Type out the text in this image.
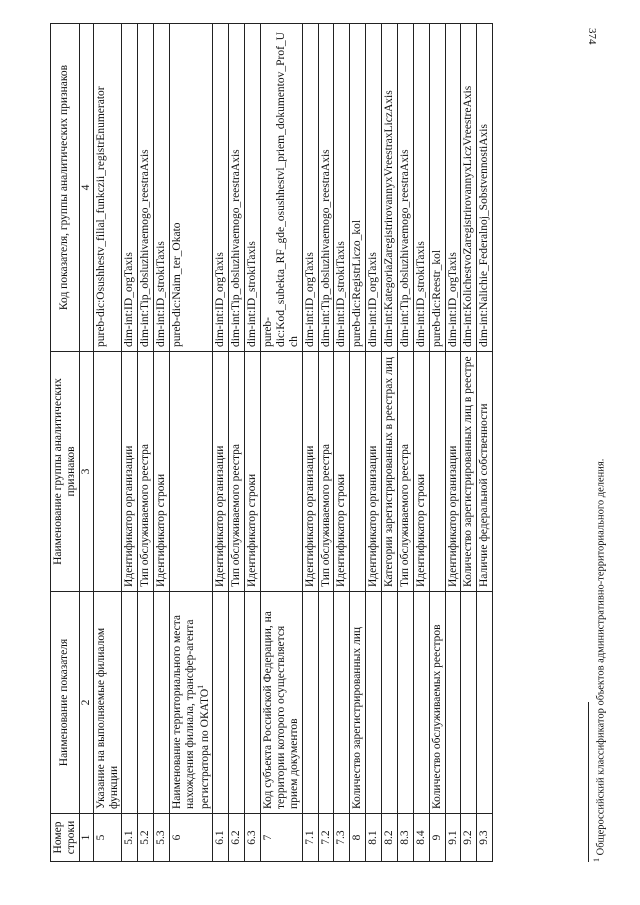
374
Номер строки	Наименование показателя	Наименование группы аналитических признаков	Код показателя, группы аналитических признаков
1	2	3	4
5	Указание на выполняемые филиалом функции		pureb-dic:Osushhestv_filial_funkczii_registrEnumerator
5.1		Идентификатор организации	dim-int:ID_orgTaxis
5.2		Тип обслуживаемого реестра	dim-int:Tip_obsluzhivaemogo_reestraAxis
5.3		Идентификатор строки	dim-int:ID_strokiTaxis
6	Наименование территориального места нахождения филиала, трансфер-агента регистратора по ОКАТО$^1$		pureb-dic:Naim_ter_Okato
6.1		Идентификатор организации	dim-int:ID_orgTaxis
6.2		Тип обслуживаемого реестра	dim-int:Tip_obsluzhivaemogo_reestraAxis
6.3		Идентификатор строки	dim-int:ID_strokiTaxis
7	Код субъекта Российской Федерации, на территории которого осуществляется прием документов		pureb-dic:Kod_subekta_RF_gde_osushhestvl_priem_dokumentov_Prof_Uch
7.1		Идентификатор организации	dim-int:ID_orgTaxis
7.2		Тип обслуживаемого реестра	dim-int:Tip_obsluzhivaemogo_reestraAxis
7.3		Идентификатор строки	dim-int:ID_strokiTaxis
8	Количество зарегистрированных лиц		pureb-dic:RegistrLiczo_kol
8.1		Идентификатор организации	dim-int:ID_orgTaxis
8.2		Категории зарегистрированных в реестрах лиц	dim-int:KategoriaZaregistrirovannyxVreestraxLiczAxis
8.3		Тип обслуживаемого реестра	dim-int:Tip_obsluzhivaemogo_reestraAxis
8.4		Идентификатор строки	dim-int:ID_strokiTaxis
9	Количество обслуживаемых реестров		pureb-dic:Reestr_kol
9.1		Идентификатор организации	dim-int:ID_orgTaxis
9.2		Количество зарегистрированных лиц в реестре	dim-int:KolichestvoZaregistrirovannyxLiczVreestreAxis
9.3		Наличие федеральной собственности	dim-int:Nalichie_Federalnoj_SobstvennostiAxis
$^1$ Общероссийский классификатор объектов административно-территориального деления.
